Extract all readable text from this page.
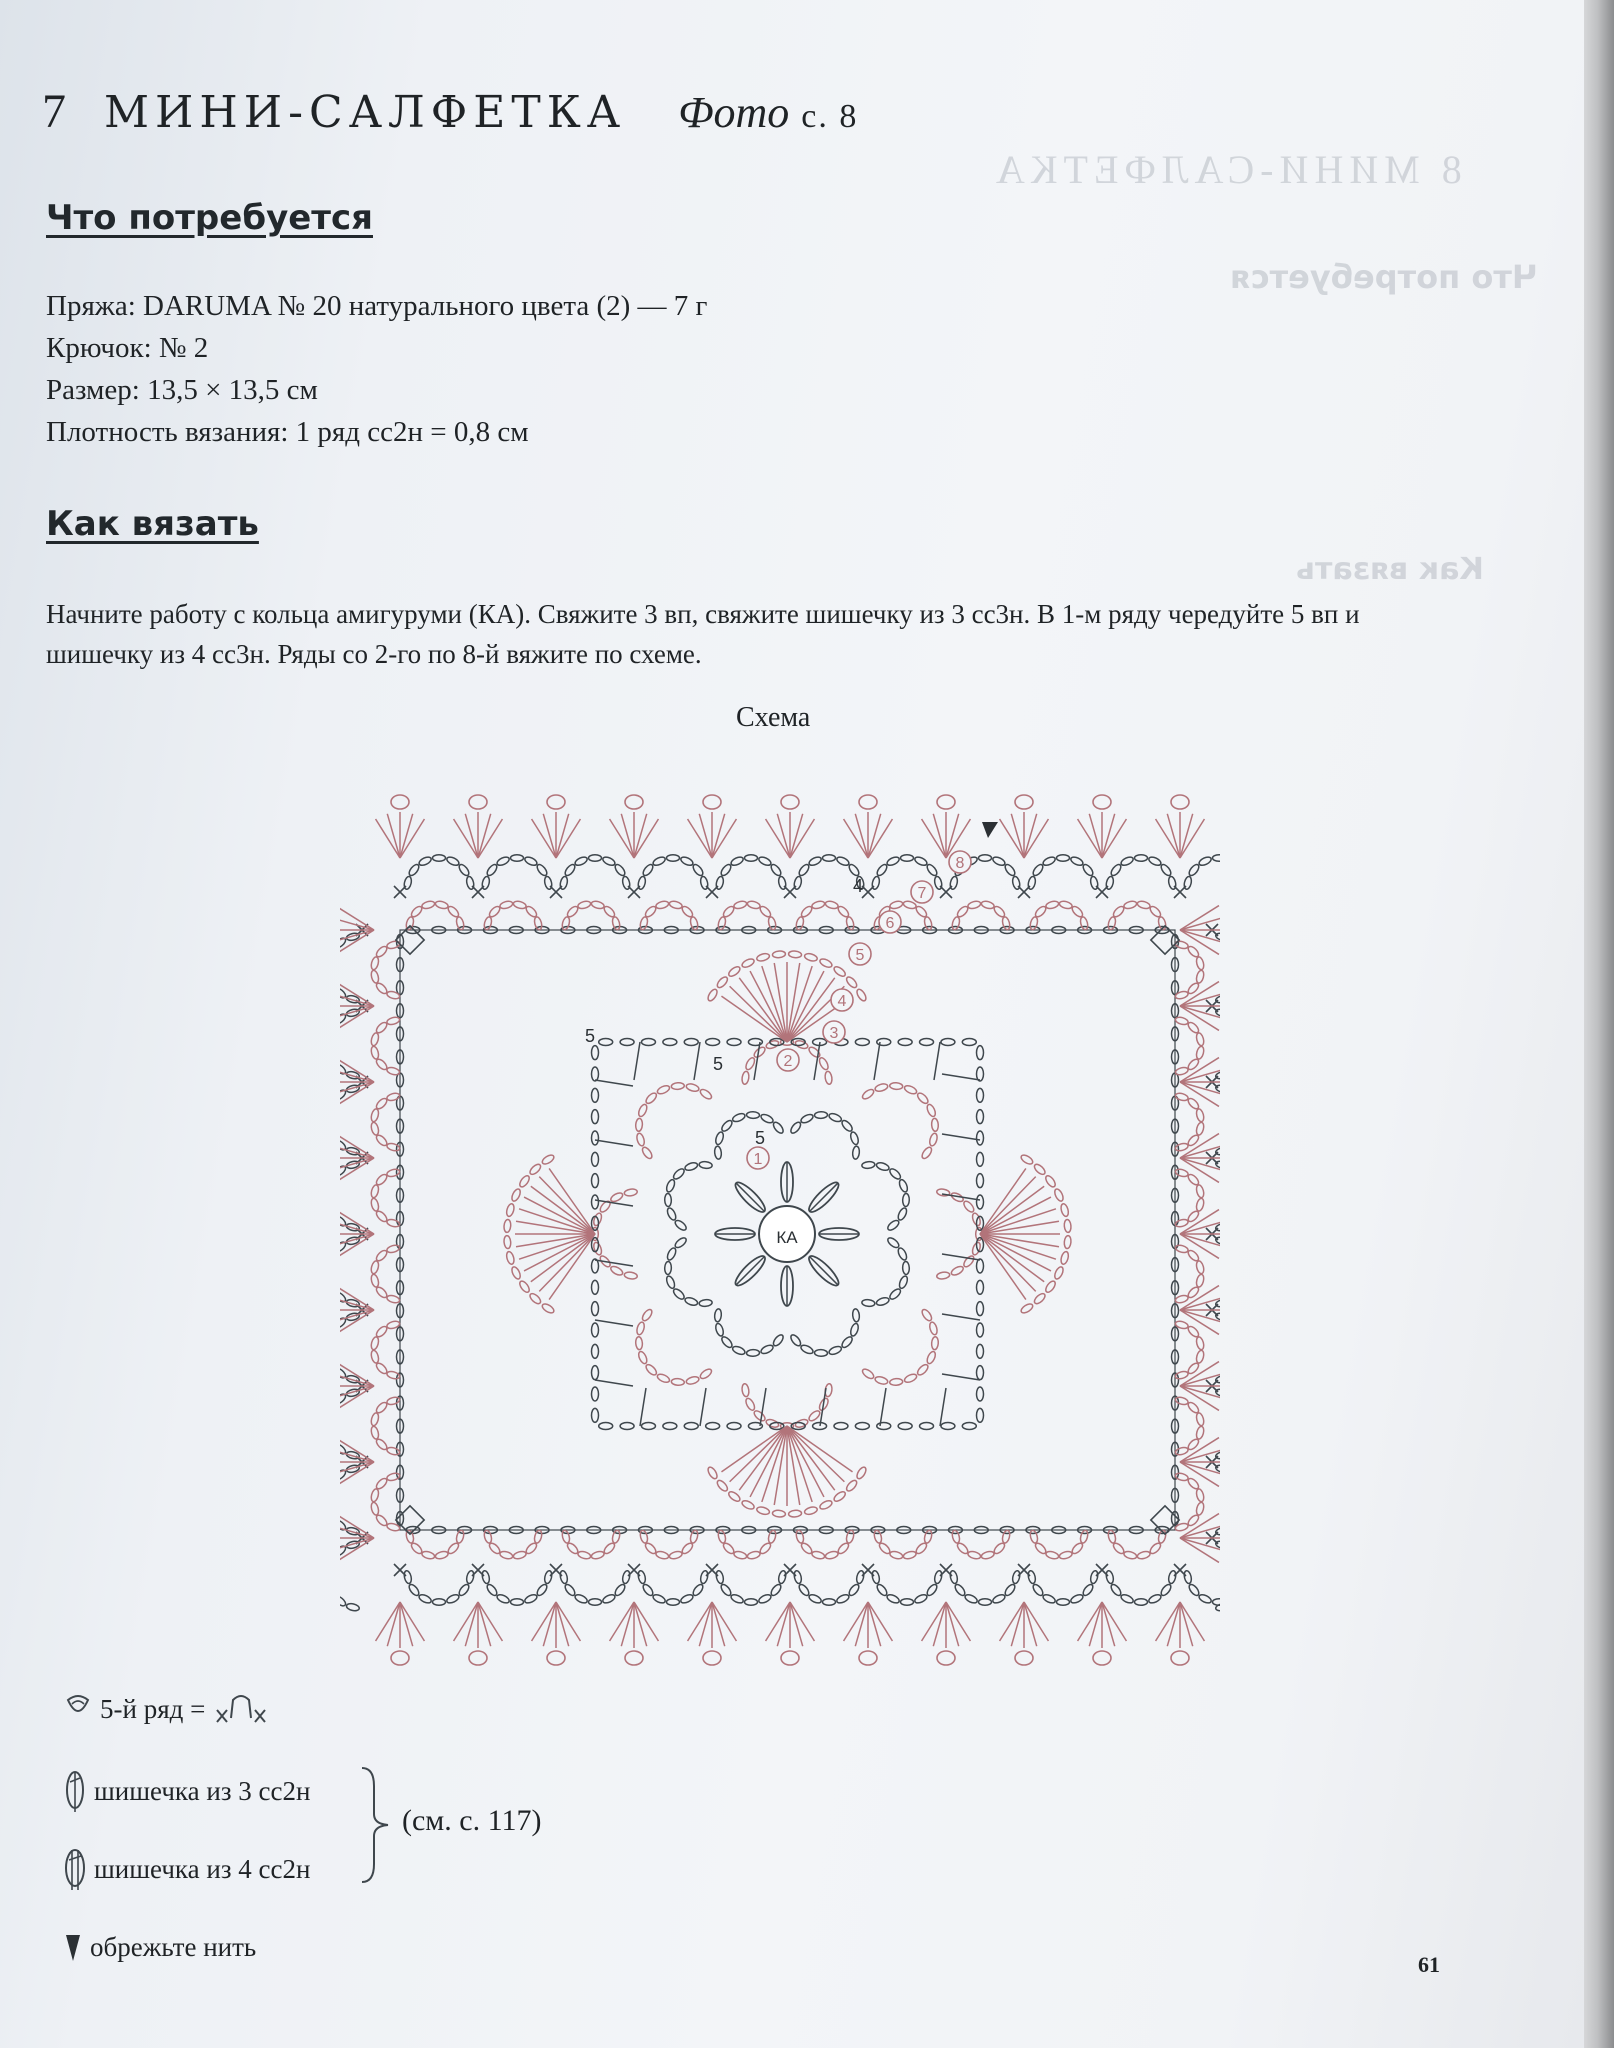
8 МИНИ-САЛФЕТКА
Что потребуется
Как вязать
7 МИНИ-САЛФЕТКА Фото с. 8
Что потребуется
Пряжа: DARUMA № 20 натурального цвета (2) — 7 г
Крючок: № 2
Размер: 13,5 × 13,5 см
Плотность вязания: 1 ряд сс2н = 0,8 см
Как вязать
Начните работу с кольца амигуруми (КА). Свяжите 3 вп, свяжите шишечку из 3 сс3н. В 1-м ряду чередуйте 5 вп и шишечку из 4 сс3н. Ряды со 2-го по 8-й вяжите по схеме.
Схема
КА
1
2
3
4
5
6
7
8
5
5
5
4
5-й ряд =
шишечка из 3 сс2н
шишечка из 4 сс2н
(см. с. 117)
обрежьте нить
61
